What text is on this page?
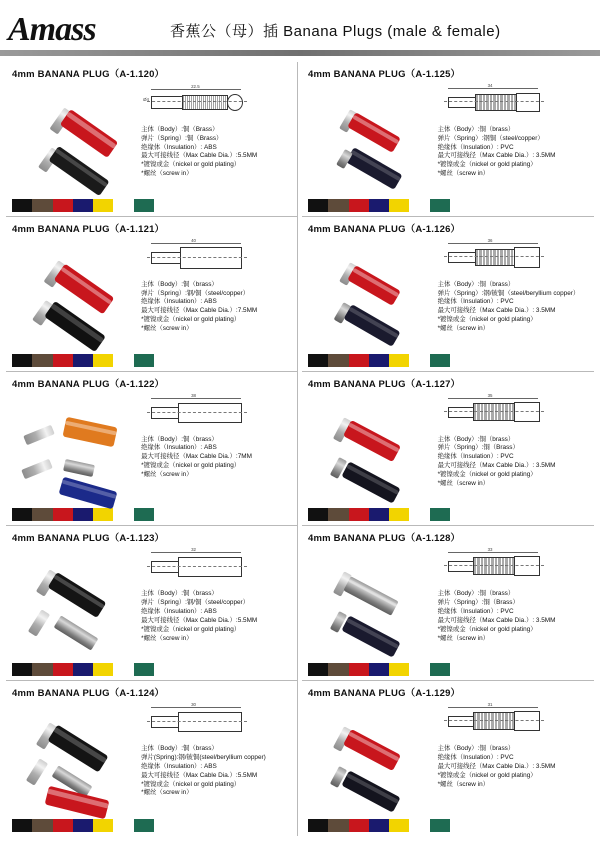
Amass	香蕉公（母）插 Banana Plugs (male & female)
4mm BANANA PLUG（A-1.120）
22.5
Ø4
主体（Body）:铜（Brass）
弹片（Spring）:铜（Brass）
绝缘体（Insulation）: ABS
最大可接线径（Max Cable Dia.）:5.5MM
*镀镍或金（nickel or gold plating）
*螺丝（screw in）
4mm BANANA PLUG（A-1.125）
34
主体（Body）:铜（brass）
弹片（Spring）:钢铜（steel/copper）
绝缘体（Insulation）: PVC
最大可接线径（Max Cable Dia.）: 3.5MM
*镀镍或金（nickel or gold plating）
*螺丝（screw in）
4mm BANANA PLUG（A-1.121）
40
主体（Body）:铜（brass）
弹片（Spring）:钢/铜（steel/copper）
绝缘体（Insulation）: ABS
最大可接线径（Max Cable Dia.）:7.5MM
*镀镍或金（nickel or gold plating）
*螺丝（screw in）
4mm BANANA PLUG（A-1.126）
36
主体（Body）:铜（brass）
弹片（Spring）:钢/铍铜（steel/beryllium copper）
绝缘体（Insulation）: PVC
最大可接线径（Max Cable Dia.）: 3.5MM
*镀镍或金（nickel or gold plating）
*螺丝（screw in）
4mm BANANA PLUG（A-1.122）
38
主体（Body）:铜（brass）
绝缘体（Insulation）: ABS
最大可接线径（Max Cable Dia.）:7MM
*镀镍或金（nickel or gold plating）
*螺丝（screw in）
4mm BANANA PLUG（A-1.127）
35
主体（Body）:铜（brass）
弹片（Spring）:铜（Brass）
绝缘体（Insulation）: PVC
最大可接线径（Max Cable Dia.）: 3.5MM
*镀镍或金（nickel or gold plating）
*螺丝（screw in）
4mm BANANA PLUG（A-1.123）
32
主体（Body）:铜（brass）
弹片（Spring）:钢/铜（steel/copper）
绝缘体（Insulation）: ABS
最大可接线径（Max Cable Dia.）:5.5MM
*镀镍或金（nickel or gold plating）
*螺丝（screw in）
4mm BANANA PLUG（A-1.128）
33
主体（Body）:铜（brass）
弹片（Spring）:铜（Brass）
绝缘体（Insulation）: PVC
最大可接线径（Max Cable Dia.）: 3.5MM
*镀镍或金（nickel or gold plating）
*螺丝（screw in）
4mm BANANA PLUG（A-1.124）
30
主体（Body）:铜（brass）
弹片(Spring):钢/铍铜(steel/beryllium copper)
绝缘体（Insulation）: ABS
最大可接线径（Max Cable Dia.）:5.5MM
*镀镍或金（nickel or gold plating）
*螺丝（screw in）
4mm BANANA PLUG（A-1.129）
31
主体（Body）:铜（brass）
绝缘体（Insulation）: PVC
最大可接线径（Max Cable Dia.）: 3.5MM
*镀镍或金（nickel or gold plating）
*螺丝（screw in）
